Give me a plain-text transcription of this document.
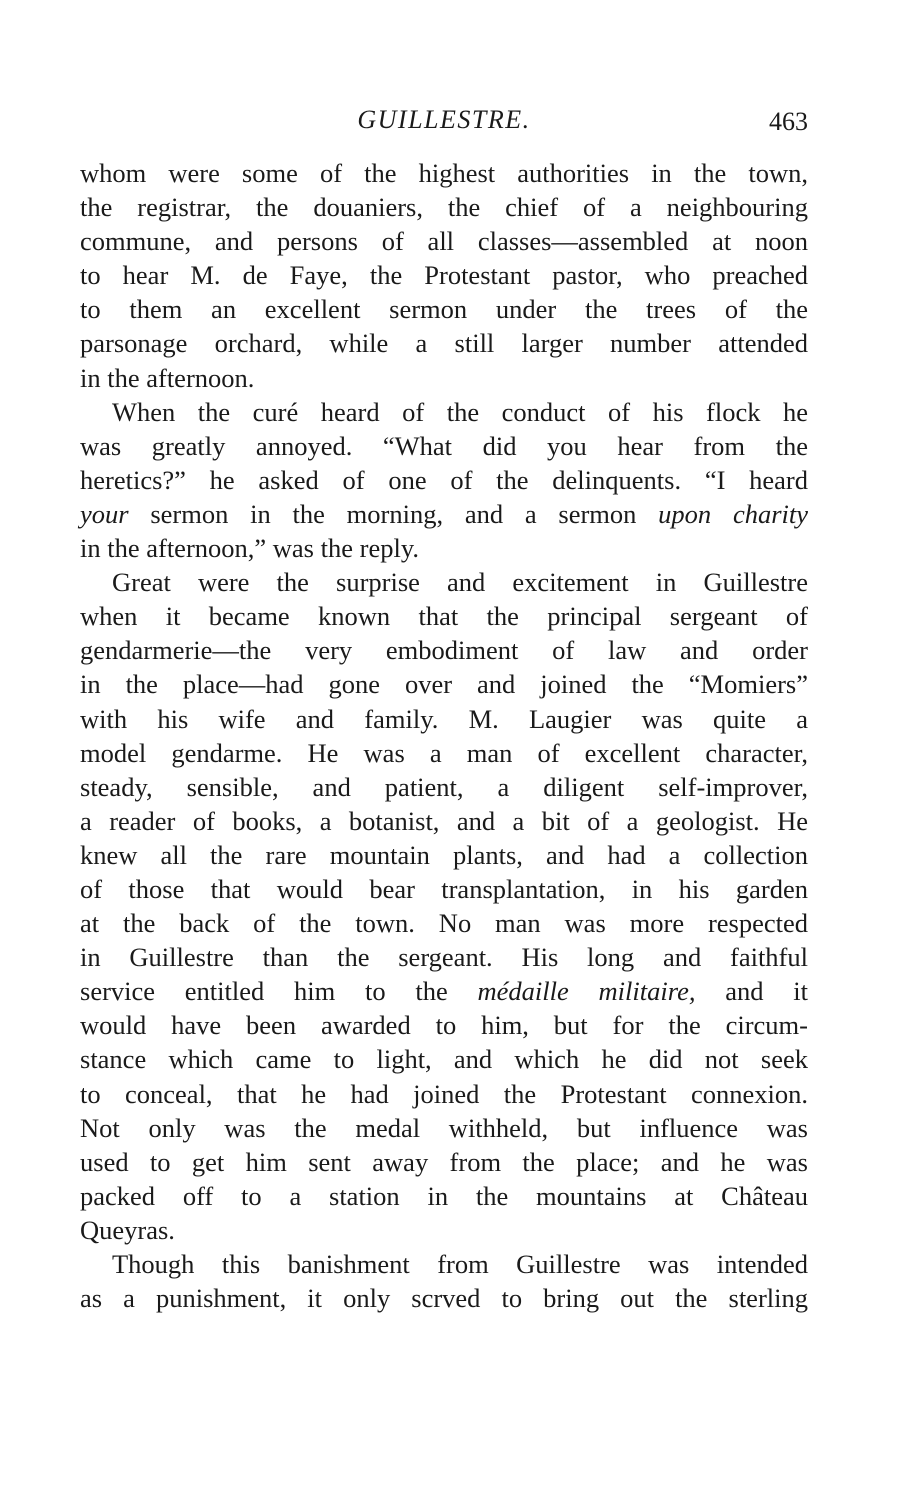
GUILLESTRE.	463

whom were some of the highest authorities in the town,
the registrar, the douaniers, the chief of a neighbouring
commune, and persons of all classes—assembled at noon
to hear M. de Faye, the Protestant pastor, who preached
to them an excellent sermon under the trees of the
parsonage orchard, while a still larger number attended
in the afternoon.

When the curé heard of the conduct of his flock he
was greatly annoyed. “What did you hear from the
heretics?” he asked of one of the delinquents. “I heard
your sermon in the morning, and a sermon upon charity
in the afternoon,” was the reply.

Great were the surprise and excitement in Guillestre
when it became known that the principal sergeant of
gendarmerie—the very embodiment of law and order
in the place—had gone over and joined the “Momiers”
with his wife and family. M. Laugier was quite a
model gendarme. He was a man of excellent character,
steady, sensible, and patient, a diligent self-improver,
a reader of books, a botanist, and a bit of a geologist. He
knew all the rare mountain plants, and had a collection
of those that would bear transplantation, in his garden
at the back of the town. No man was more respected
in Guillestre than the sergeant. His long and faithful
service entitled him to the médaille militaire, and it
would have been awarded to him, but for the circum-
stance which came to light, and which he did not seek
to conceal, that he had joined the Protestant connexion.
Not only was the medal withheld, but influence was
used to get him sent away from the place; and he was
packed off to a station in the mountains at Château
Queyras.

Though this banishment from Guillestre was intended
as a punishment, it only scrved to bring out the sterling
